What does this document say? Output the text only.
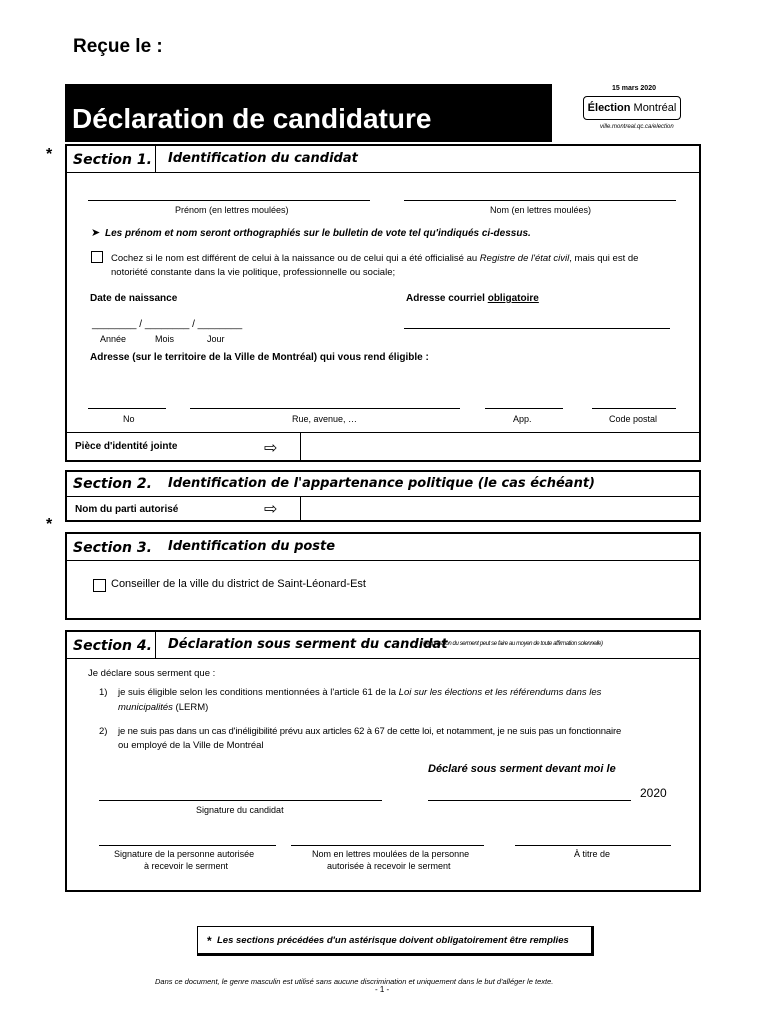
Reçue le :
Déclaration de candidature
15 mars 2020
Élection Montréal
ville.montreal.qc.ca/election
* Section 1. Identification du candidat
Prénom (en lettres moulées)	Nom (en lettres moulées)
➤ Les prénom et nom seront orthographiés sur le bulletin de vote tel qu'indiqués ci-dessus.
Cochez si le nom est différent de celui à la naissance ou de celui qui a été officialisé au Registre de l'état civil, mais qui est de
notoriété constante dans la vie politique, professionnelle ou sociale;
Date de naissance	Adresse courriel obligatoire
________ / ________ / ________
Année	Mois	Jour
Adresse (sur le territoire de la Ville de Montréal) qui vous rend éligible :
No	Rue, avenue, …	App.	Code postal
Pièce d'identité jointe	⇨
Section 2. Identification de l'appartenance politique (le cas échéant)
Nom du parti autorisé	⇨
*
Section 3. Identification du poste
Conseiller de la ville du district de Saint-Léonard-Est
Section 4. Déclaration sous serment du candidat
(l'expression du serment peut se faire au moyen de toute affirmation solennelle)
Je déclare sous serment que :
1) je suis éligible selon les conditions mentionnées à l'article 61 de la Loi sur les élections et les référendums dans les
municipalités (LERM)
2) je ne suis pas dans un cas d'inéligibilité prévu aux articles 62 à 67 de cette loi, et notamment, je ne suis pas un fonctionnaire
ou employé de la Ville de Montréal
Déclaré sous serment devant moi le
2020
Signature du candidat
Signature de la personne autorisée
à recevoir le serment
Nom en lettres moulées de la personne
autorisée à recevoir le serment
À titre de
* Les sections précédées d'un astérisque doivent obligatoirement être remplies
Dans ce document, le genre masculin est utilisé sans aucune discrimination et uniquement dans le but d'alléger le texte.
- 1 -
